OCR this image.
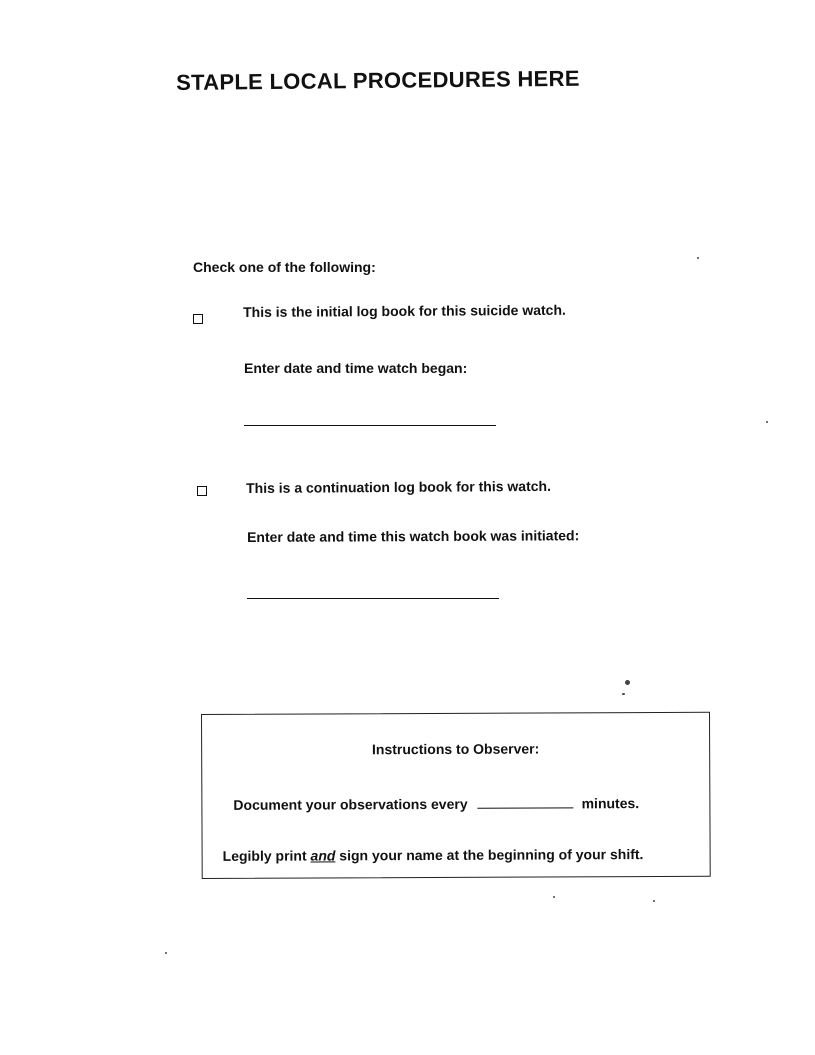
STAPLE LOCAL PROCEDURES HERE
Check one of the following:
This is the initial log book for this suicide watch.
Enter date and time watch began:
This is a continuation log book for this watch.
Enter date and time this watch book was initiated:
Instructions to Observer:
Document your observations every	minutes.
Legibly print and sign your name at the beginning of your shift.
